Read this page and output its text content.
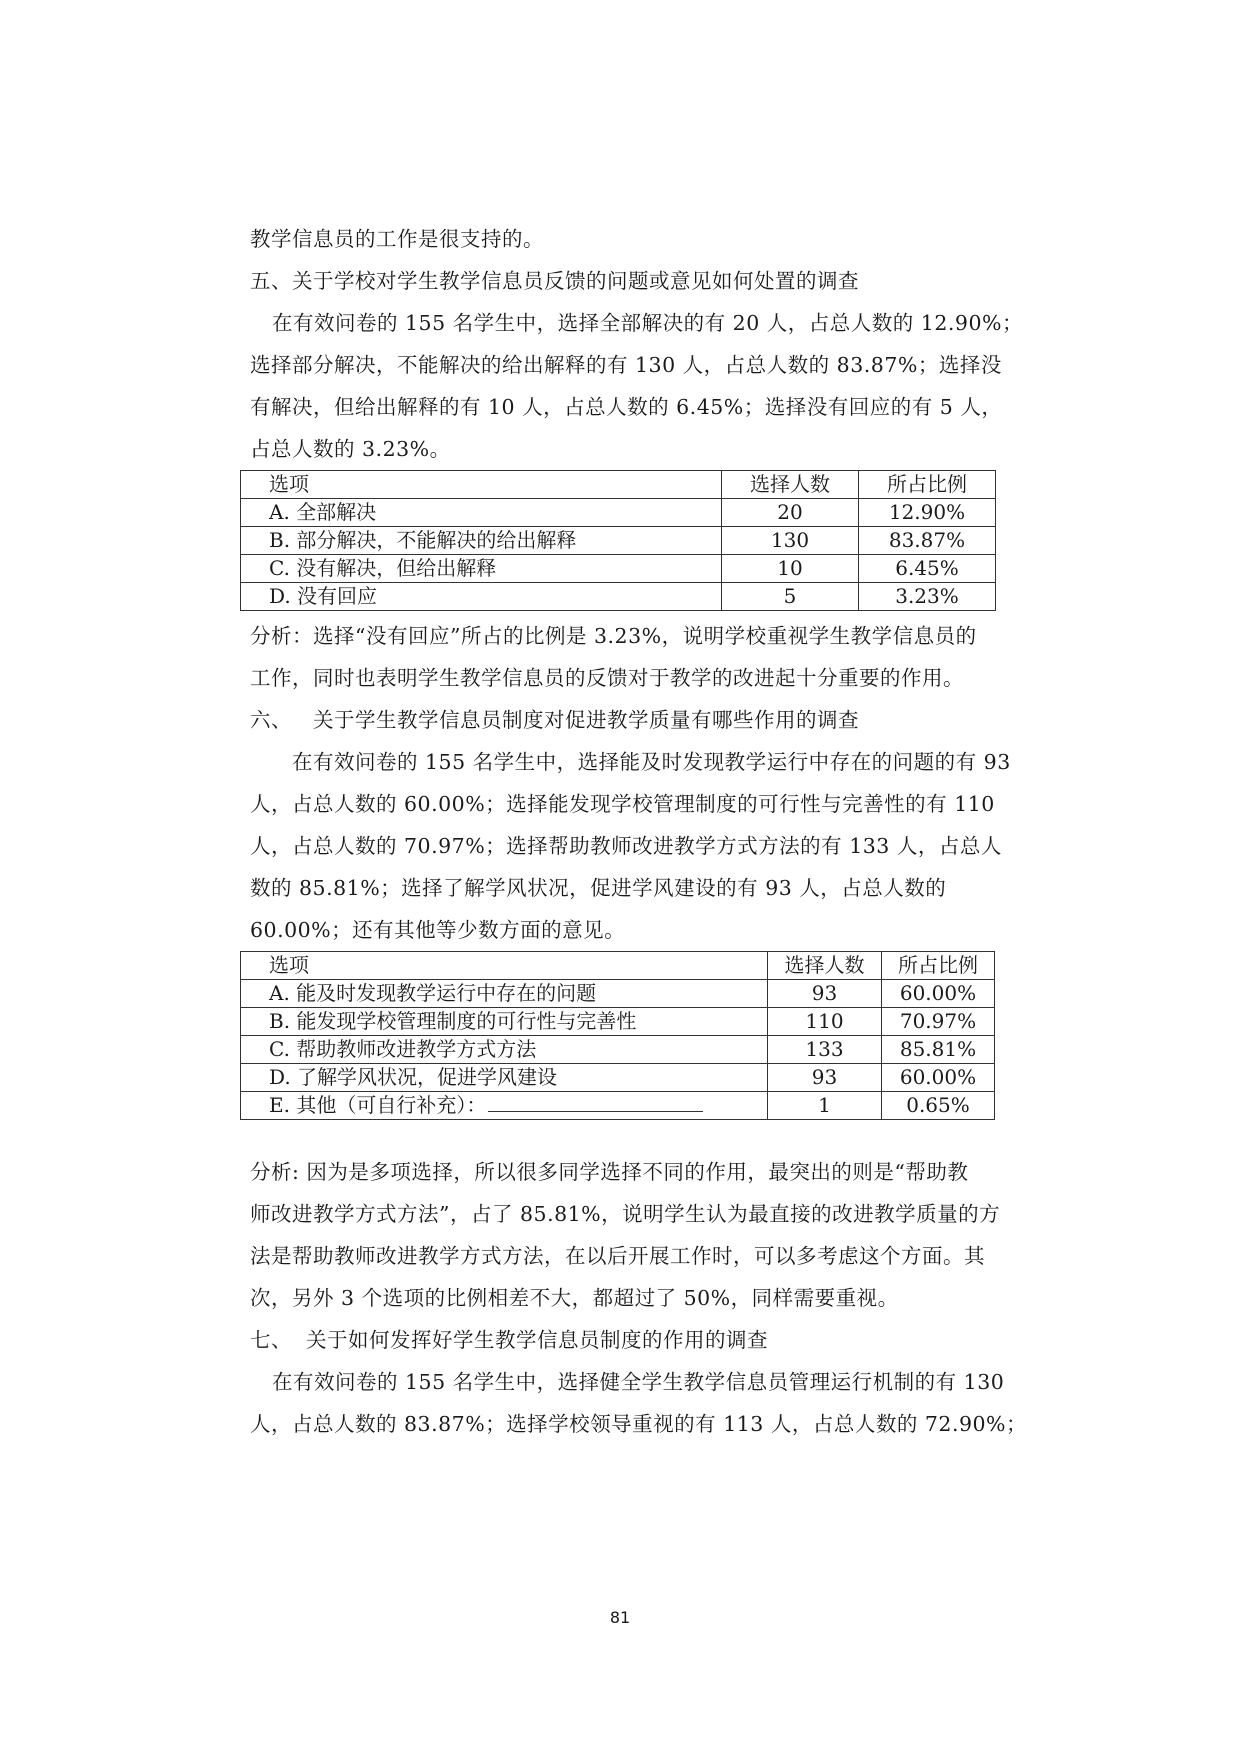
教学信息员的工作是很支持的。
五、关于学校对学生教学信息员反馈的问题或意见如何处置的调查
在有效问卷的 155 名学生中，选择全部解决的有 20 人，占总人数的 12.90%；
选择部分解决，不能解决的给出解释的有 130 人，占总人数的 83.87%；选择没
有解决，但给出解释的有 10 人，占总人数的 6.45%；选择没有回应的有 5 人，
占总人数的 3.23%。
选项	选择人数	所占比例
A. 全部解决	20	12.90%
B. 部分解决，不能解决的给出解释	130	83.87%
C. 没有解决，但给出解释	10	6.45%
D. 没有回应	5	3.23%
分析：选择“没有回应”所占的比例是 3.23%，说明学校重视学生教学信息员的
工作，同时也表明学生教学信息员的反馈对于教学的改进起十分重要的作用。
六、   关于学生教学信息员制度对促进教学质量有哪些作用的调查
在有效问卷的 155 名学生中，选择能及时发现教学运行中存在的问题的有 93
人，占总人数的 60.00%；选择能发现学校管理制度的可行性与完善性的有 110
人，占总人数的 70.97%；选择帮助教师改进教学方式方法的有 133 人，占总人
数的 85.81%；选择了解学风状况，促进学风建设的有 93 人，占总人数的
60.00%；还有其他等少数方面的意见。
选项	选择人数	所占比例
A. 能及时发现教学运行中存在的问题	93	60.00%
B. 能发现学校管理制度的可行性与完善性	110	70.97%
C. 帮助教师改进教学方式方法	133	85.81%
D. 了解学风状况，促进学风建设	93	60.00%
E. 其他（可自行补充）：	1	0.65%
分析: 因为是多项选择，所以很多同学选择不同的作用，最突出的则是“帮助教
师改进教学方式方法”，占了 85.81%，说明学生认为最直接的改进教学质量的方
法是帮助教师改进教学方式方法，在以后开展工作时，可以多考虑这个方面。其
次，另外 3 个选项的比例相差不大，都超过了 50%，同样需要重视。
七、  关于如何发挥好学生教学信息员制度的作用的调查
在有效问卷的 155 名学生中，选择健全学生教学信息员管理运行机制的有 130
人，占总人数的 83.87%；选择学校领导重视的有 113 人，占总人数的 72.90%；
81
